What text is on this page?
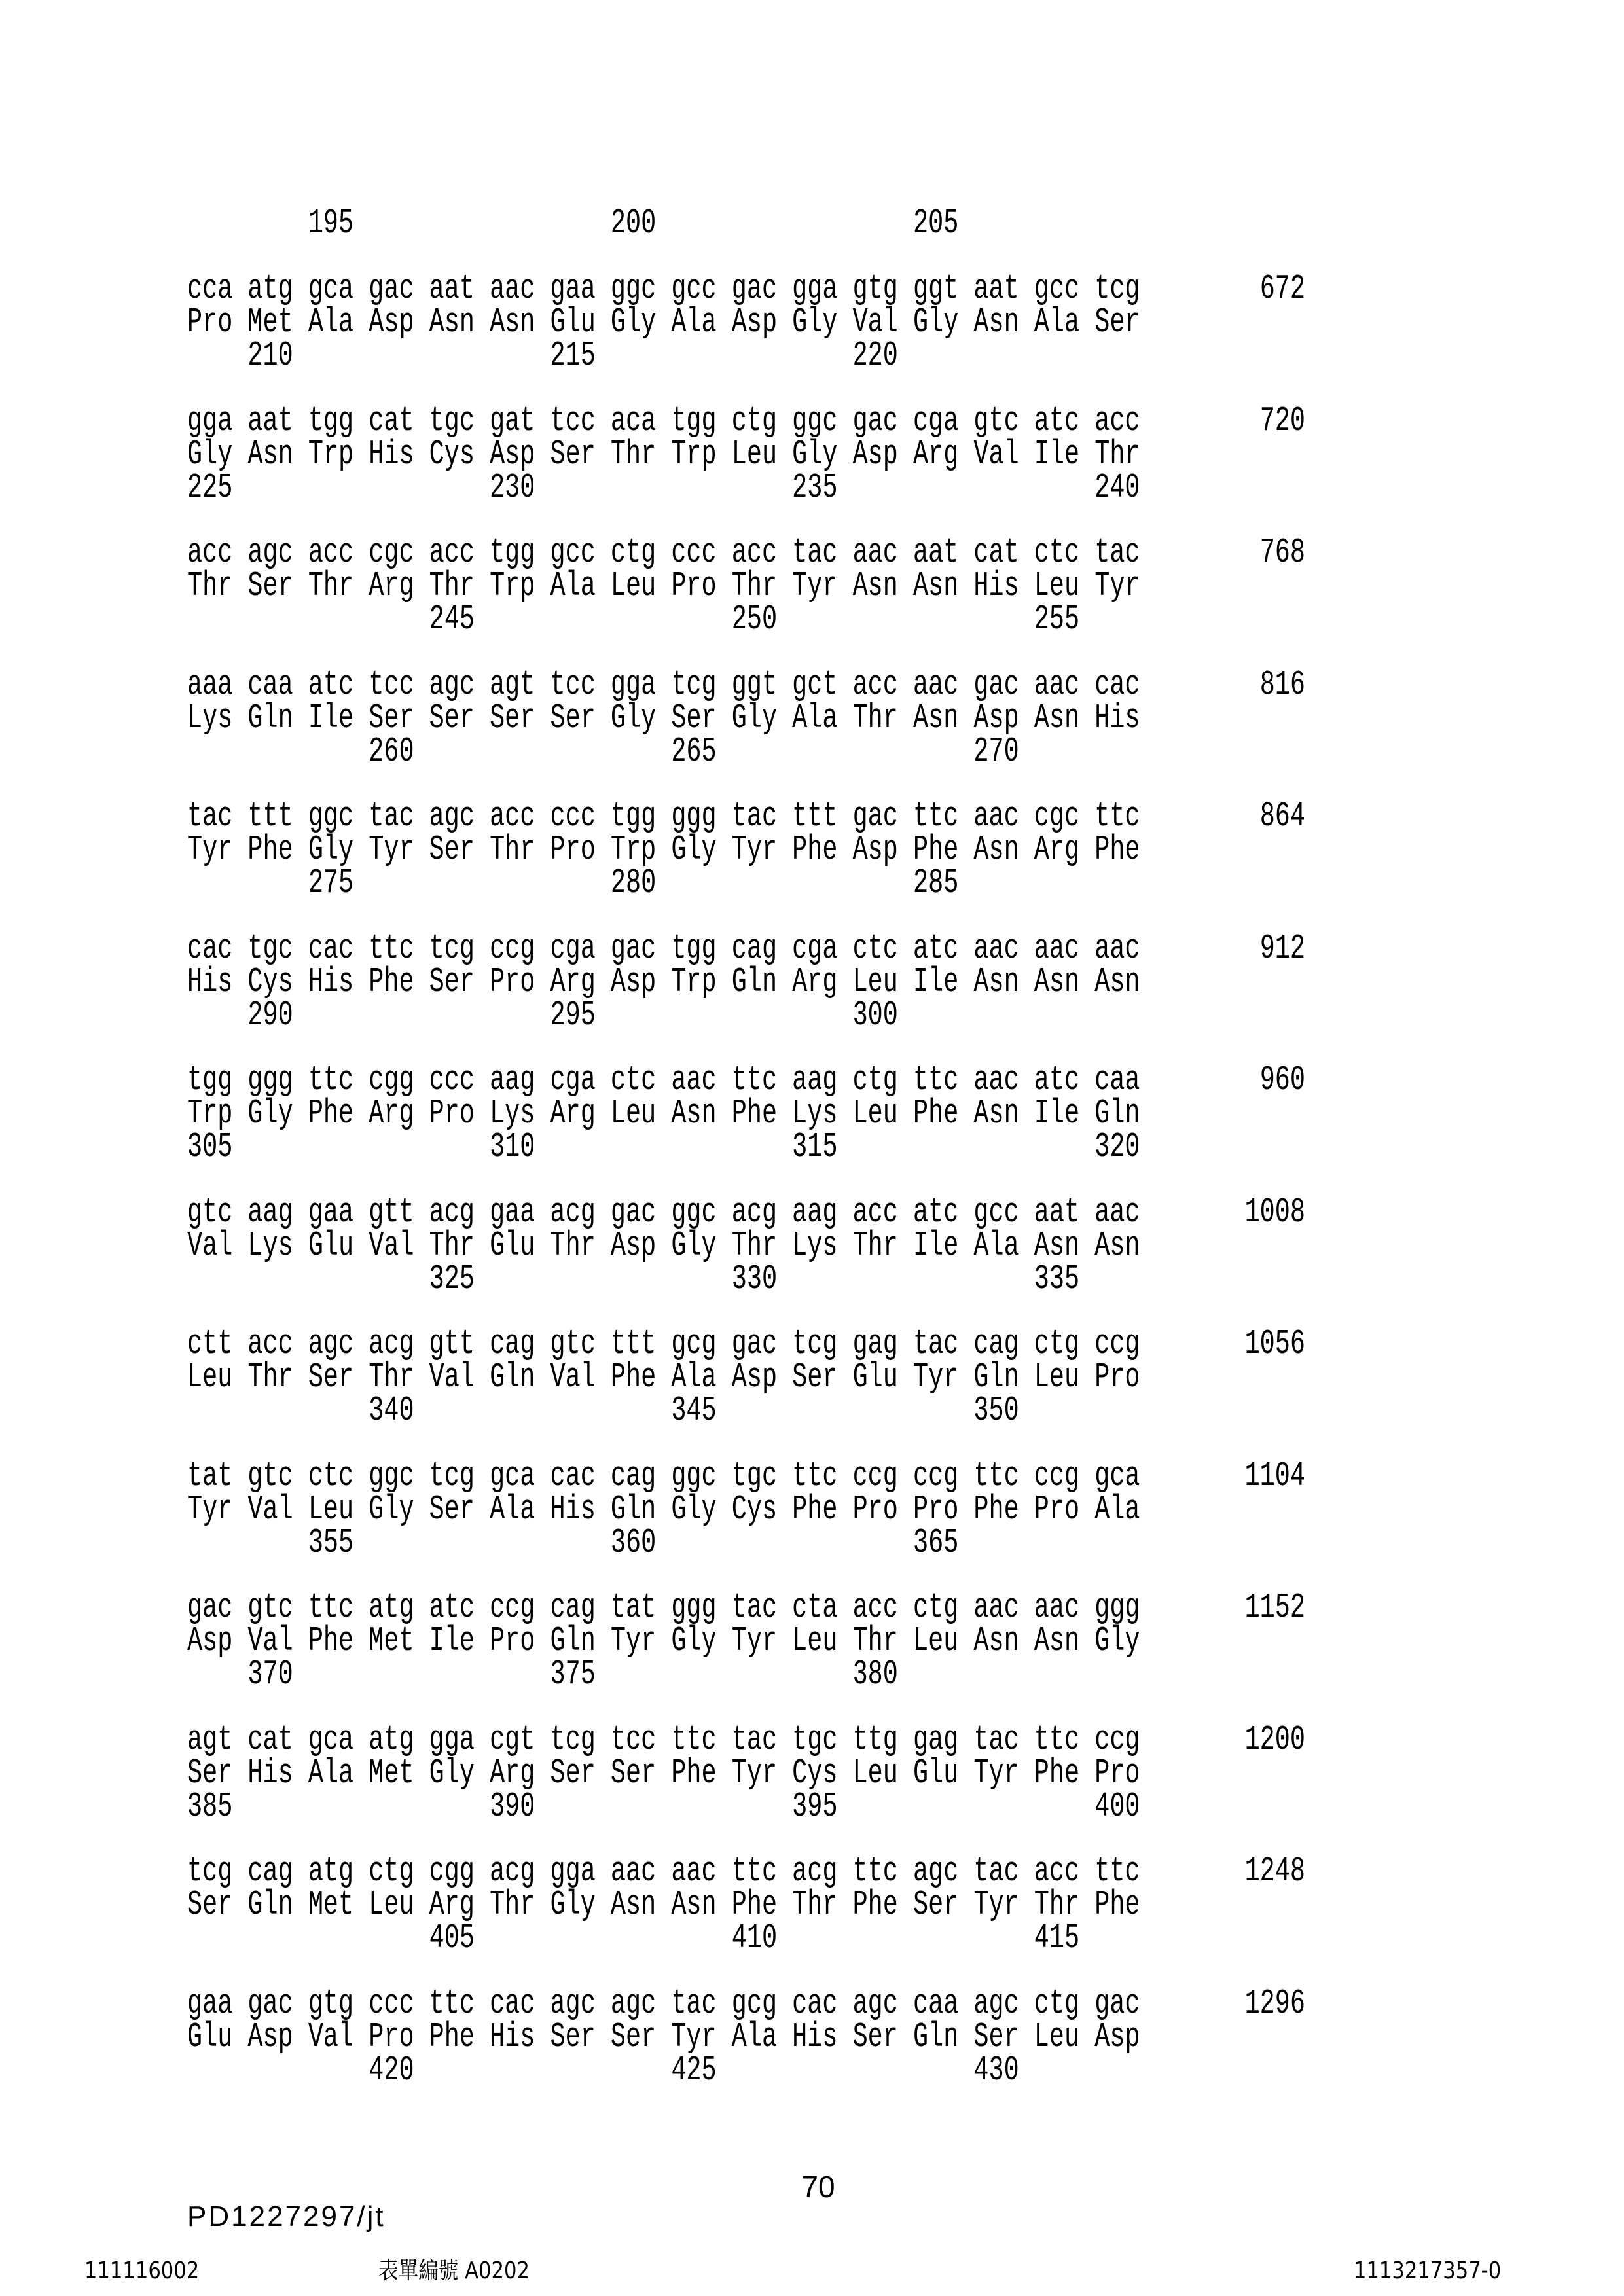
195                 200                 205
cca atg gca gac aat aac gaa ggc gcc gac gga gtg ggt aat gcc tcg
Pro Met Ala Asp Asn Asn Glu Gly Ala Asp Gly Val Gly Asn Ala Ser
210                 215                 220
672
gga aat tgg cat tgc gat tcc aca tgg ctg ggc gac cga gtc atc acc
Gly Asn Trp His Cys Asp Ser Thr Trp Leu Gly Asp Arg Val Ile Thr
225                 230                 235                 240
720
acc agc acc cgc acc tgg gcc ctg ccc acc tac aac aat cat ctc tac
Thr Ser Thr Arg Thr Trp Ala Leu Pro Thr Tyr Asn Asn His Leu Tyr
245                 250                 255
768
aaa caa atc tcc agc agt tcc gga tcg ggt gct acc aac gac aac cac
Lys Gln Ile Ser Ser Ser Ser Gly Ser Gly Ala Thr Asn Asp Asn His
260                 265                 270
816
tac ttt ggc tac agc acc ccc tgg ggg tac ttt gac ttc aac cgc ttc
Tyr Phe Gly Tyr Ser Thr Pro Trp Gly Tyr Phe Asp Phe Asn Arg Phe
275                 280                 285
864
cac tgc cac ttc tcg ccg cga gac tgg cag cga ctc atc aac aac aac
His Cys His Phe Ser Pro Arg Asp Trp Gln Arg Leu Ile Asn Asn Asn
290                 295                 300
912
tgg ggg ttc cgg ccc aag cga ctc aac ttc aag ctg ttc aac atc caa
Trp Gly Phe Arg Pro Lys Arg Leu Asn Phe Lys Leu Phe Asn Ile Gln
305                 310                 315                 320
960
gtc aag gaa gtt acg gaa acg gac ggc acg aag acc atc gcc aat aac
Val Lys Glu Val Thr Glu Thr Asp Gly Thr Lys Thr Ile Ala Asn Asn
325                 330                 335
1008
ctt acc agc acg gtt cag gtc ttt gcg gac tcg gag tac cag ctg ccg
Leu Thr Ser Thr Val Gln Val Phe Ala Asp Ser Glu Tyr Gln Leu Pro
340                 345                 350
1056
tat gtc ctc ggc tcg gca cac cag ggc tgc ttc ccg ccg ttc ccg gca
Tyr Val Leu Gly Ser Ala His Gln Gly Cys Phe Pro Pro Phe Pro Ala
355                 360                 365
1104
gac gtc ttc atg atc ccg cag tat ggg tac cta acc ctg aac aac ggg
Asp Val Phe Met Ile Pro Gln Tyr Gly Tyr Leu Thr Leu Asn Asn Gly
370                 375                 380
1152
agt cat gca atg gga cgt tcg tcc ttc tac tgc ttg gag tac ttc ccg
Ser His Ala Met Gly Arg Ser Ser Phe Tyr Cys Leu Glu Tyr Phe Pro
385                 390                 395                 400
1200
tcg cag atg ctg cgg acg gga aac aac ttc acg ttc agc tac acc ttc
Ser Gln Met Leu Arg Thr Gly Asn Asn Phe Thr Phe Ser Tyr Thr Phe
405                 410                 415
1248
gaa gac gtg ccc ttc cac agc agc tac gcg cac agc caa agc ctg gac
Glu Asp Val Pro Phe His Ser Ser Tyr Ala His Ser Gln Ser Leu Asp
420                 425                 430
1296
70
PD1227297/jt
111116002	表單編號 A0202	1113217357-0
